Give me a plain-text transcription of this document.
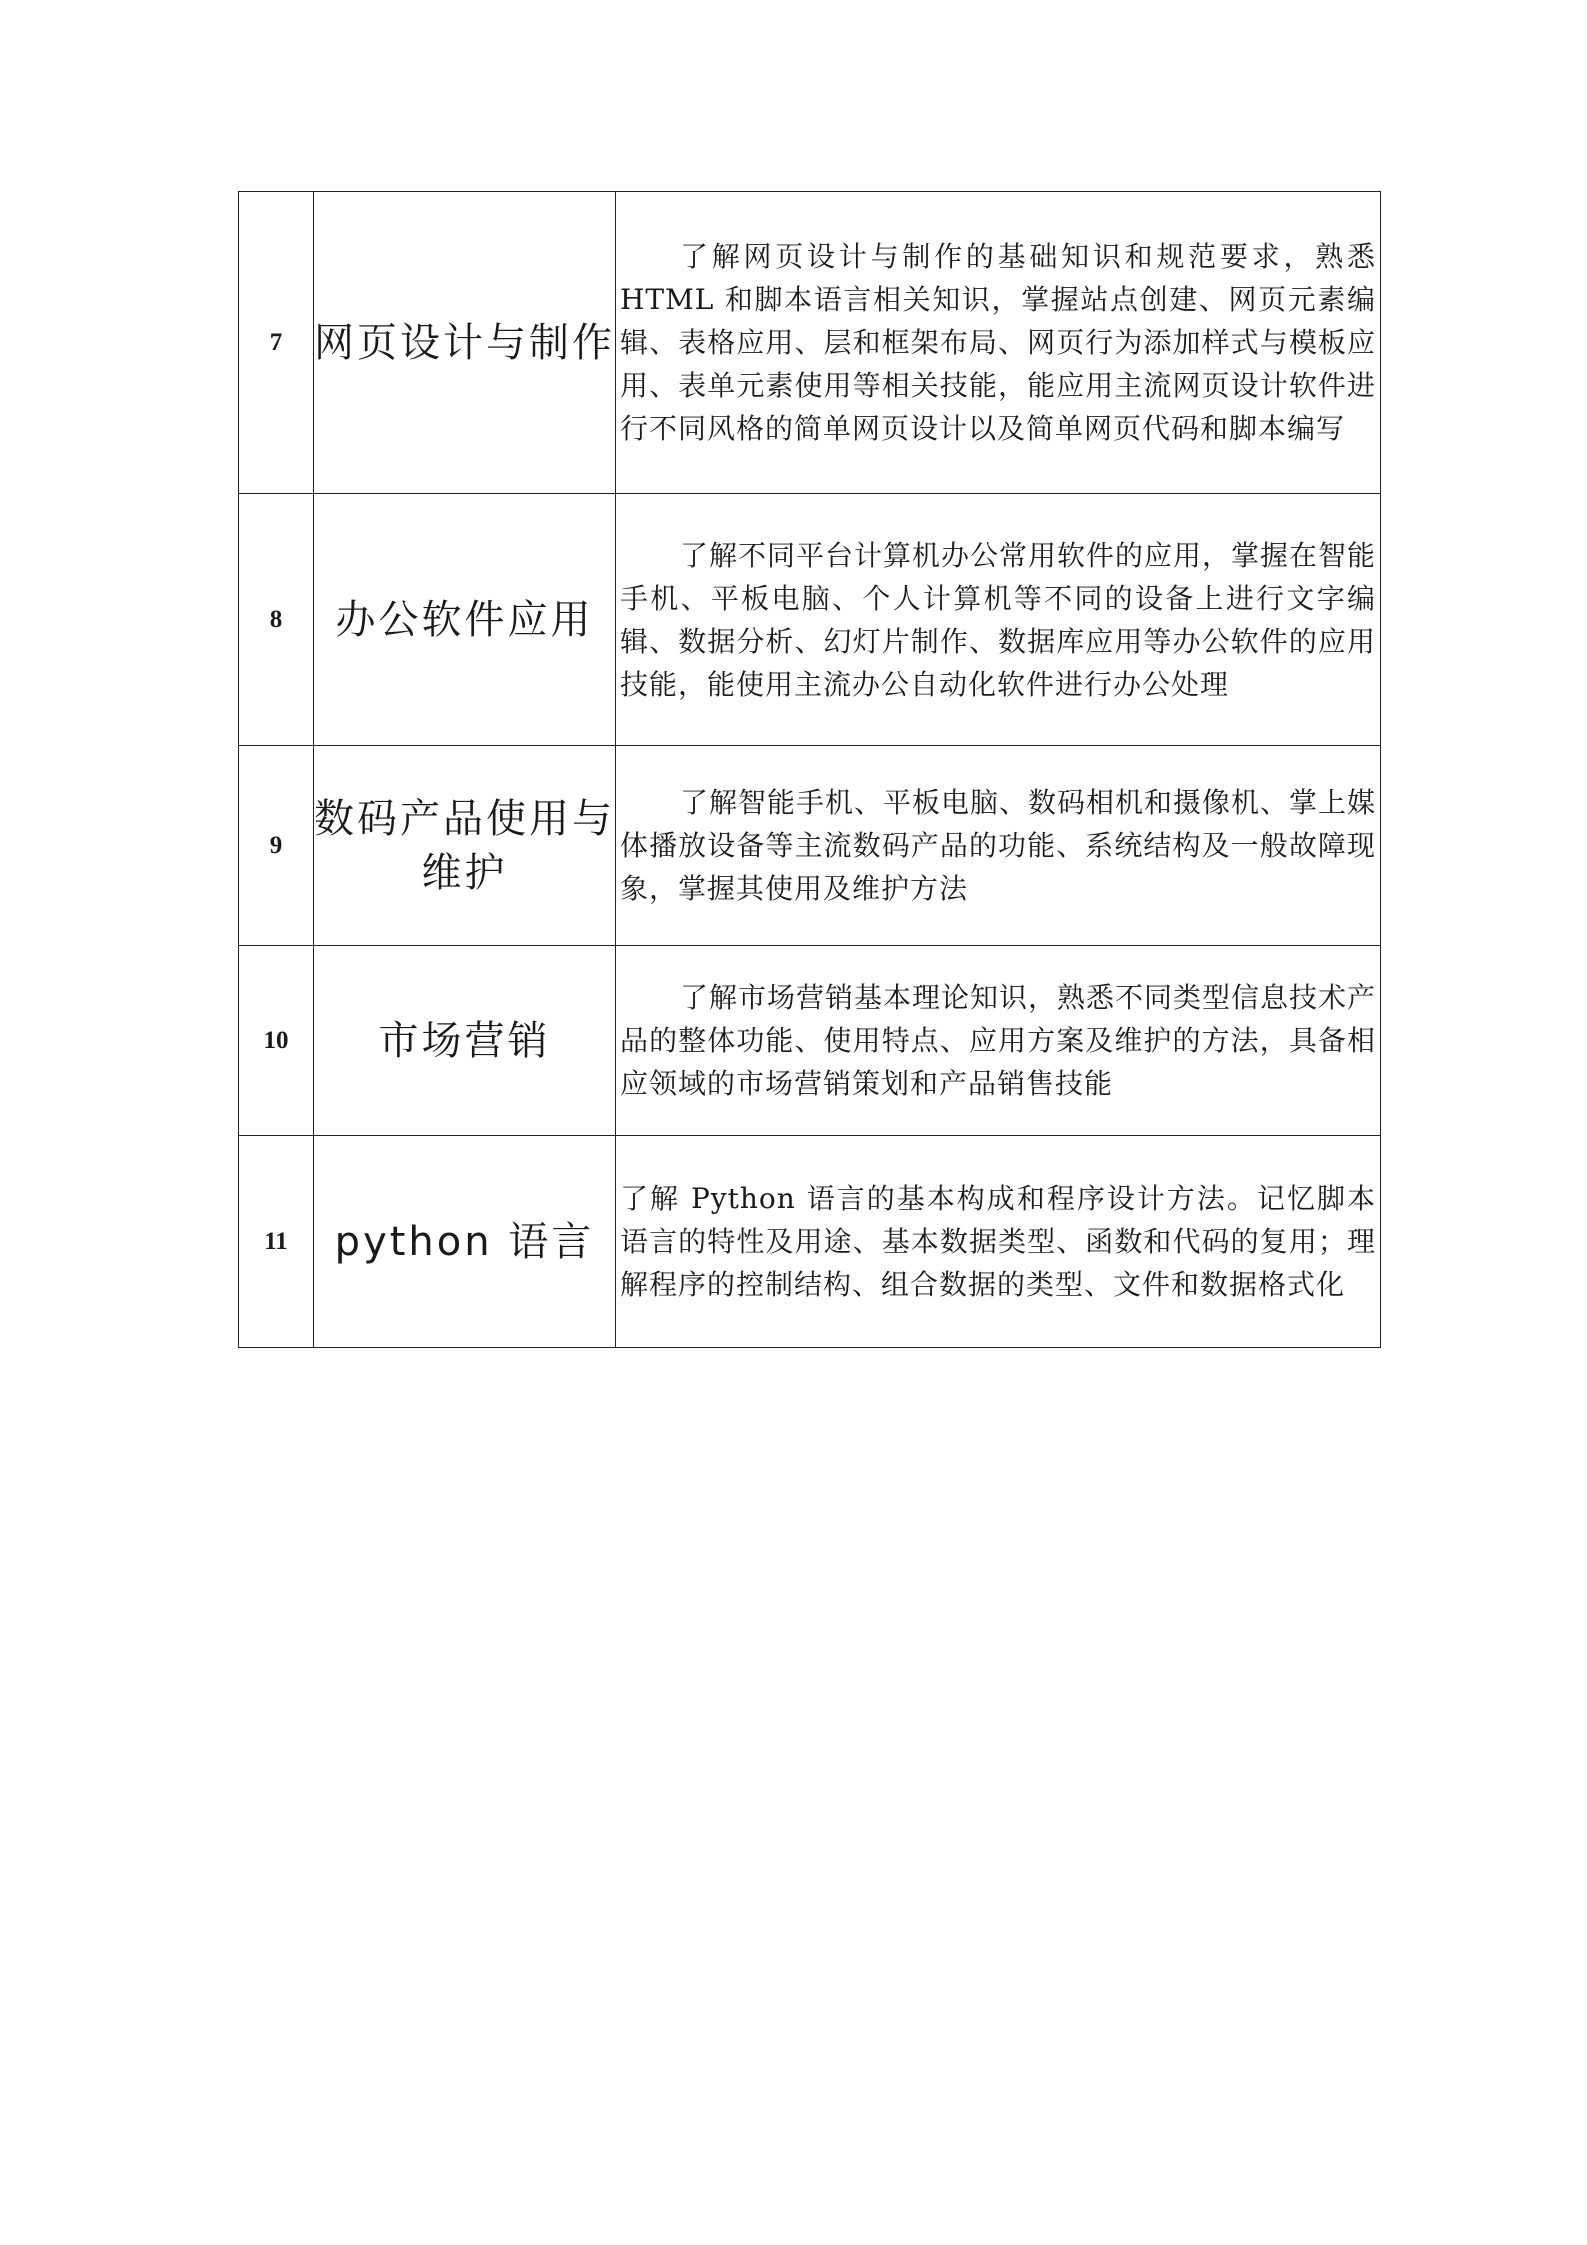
7	网页设计与制作	了解网页设计与制作的基础知识和规范要求，熟悉HTML 和脚本语言相关知识，掌握站点创建、网页元素编辑、表格应用、层和框架布局、网页行为添加样式与模板应用、表单元素使用等相关技能，能应用主流网页设计软件进行不同风格的简单网页设计以及简单网页代码和脚本编写
8	办公软件应用	了解不同平台计算机办公常用软件的应用，掌握在智能手机、平板电脑、个人计算机等不同的设备上进行文字编辑、数据分析、幻灯片制作、数据库应用等办公软件的应用技能，能使用主流办公自动化软件进行办公处理
9	数码产品使用与维护	了解智能手机、平板电脑、数码相机和摄像机、掌上媒体播放设备等主流数码产品的功能、系统结构及一般故障现象，掌握其使用及维护方法
10	市场营销	了解市场营销基本理论知识，熟悉不同类型信息技术产品的整体功能、使用特点、应用方案及维护的方法，具备相应领域的市场营销策划和产品销售技能
11	python 语言	了解 Python 语言的基本构成和程序设计方法。记忆脚本语言的特性及用途、基本数据类型、函数和代码的复用；理解程序的控制结构、组合数据的类型、文件和数据格式化
